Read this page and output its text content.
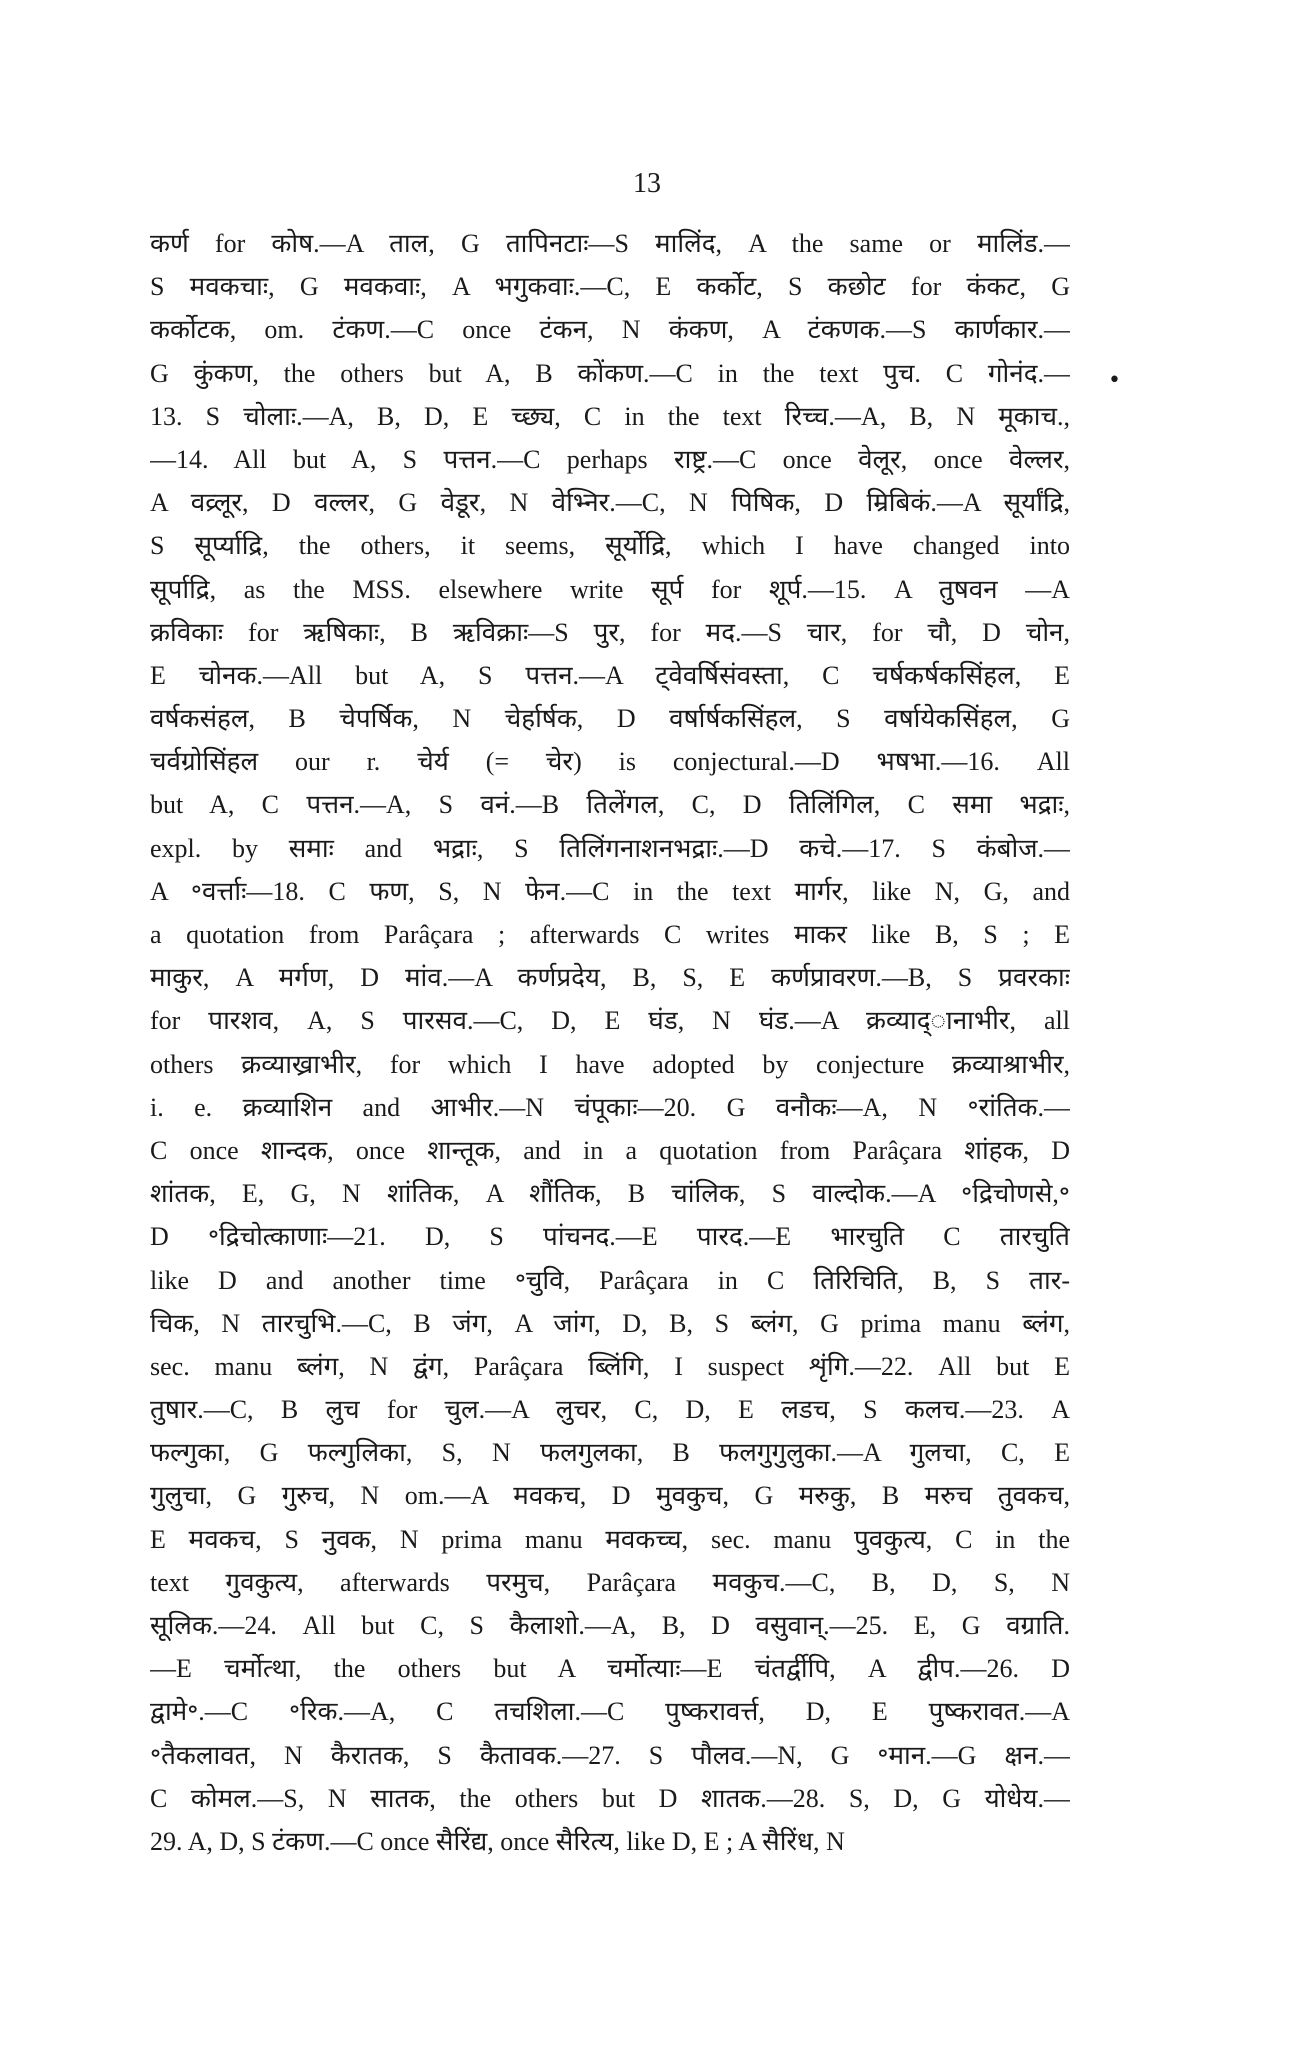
13
•
कर्ण for कोष.—A ताल, G तापिनटाः—S मालिंद, A the same or मालिंड.—
S मवकचाः, G मवकवाः, A भगुकवाः.—C, E कर्कोट, S कछोट for कंकट, G
कर्कोटक, om. टंकण.—C once टंकन, N कंकण, A टंकणक.—S कार्णकार.—
G कुंकण, the others but A, B कोंकण.—C in the text पुच. C गोनंद.—
13. S चोलाः.—A, B, D, E च्छ्य, C in the text रिच्च.—A, B, N मूकाच.,
—14. All but A, S पत्तन.—C perhaps राष्ट्र.—C once वेलूर, once वेल्लर,
A वव्र्लूर, D वल्लर, G वेडूर, N वेभ्निर.—C, N पिषिक, D म्रिबिकं.—A सूर्यांद्रि,
S सूर्प्याद्रि, the others, it seems, सूर्योद्रि, which I have changed into
सूर्पाद्रि, as the MSS. elsewhere write सूर्प for शूर्प.—15. A तुषवन —A
क्रविकाः for ऋषिकाः, B ऋविक्राः—S पुर, for मद.—S चार, for चौ, D चोन,
E चोनक.—All but A, S पत्तन.—A ट्वेवर्षिसंवस्ता, C चर्षकर्षकसिंहल, E
वर्षकसंहल, B चेपर्षिक, N चेर्हार्षक, D वर्षार्षकसिंहल, S वर्षायेकसिंहल, G
चर्वग्रोसिंहल our r. चेर्य (= चेर) is conjectural.—D भषभा.—16. All
but A, C पत्तन.—A, S वनं.—B तिलेंगल, C, D तिलिंगिल, C समा भद्राः,
expl. by समाः and भद्राः, S तिलिंगनाशनभद्राः.—D कचे.—17. S कंबोज.—
A ॰वर्त्ताः—18. C फण, S, N फेन.—C in the text मार्गर, like N, G, and
a quotation from Parâçara ; afterwards C writes माकर like B, S ; E
माकुर, A मर्गण, D मांव.—A कर्णप्रदेय, B, S, E कर्णप्रावरण.—B, S प्रवरकाः
for पारशव, A, S पारसव.—C, D, E घंड, N घंड.—A क्रव्याद्ानाभीर, all
others क्रव्याख्राभीर, for which I have adopted by conjecture क्रव्याश्राभीर,
i. e. क्रव्याशिन and आभीर.—N चंपूकाः—20. G वनौकः—A, N ॰रांतिक.—
C once शान्दक, once शान्तूक, and in a quotation from Parâçara शांहक, D
शांतक, E, G, N शांतिक, A शौंतिक, B चांलिक, S वाल्दोक.—A ॰द्रिचोणसे,॰
D ॰द्रिचोत्काणाः—21. D, S पांचनद.—E पारद.—E भारचुति C तारचुति
like D and another time ॰चुवि, Parâçara in C तिरिचिति, B, S तार-
चिक, N तारचुभि.—C, B जंग, A जांग, D, B, S ब्लंग, G prima manu ब्लंग,
sec. manu ब्लंग, N द्वंग, Parâçara ब्लिंगि, I suspect शृंगि.—22. All but E
तुषार.—C, B लुच for चुल.—A लुचर, C, D, E लडच, S कलच.—23. A
फल्गुका, G फल्गुलिका, S, N फलगुलका, B फलगुगुलुका.—A गुलचा, C, E
गुलुचा, G गुरुच, N om.—A मवकच, D मुवकुच, G मरुकु, B मरुच तुवकच,
E मवकच, S नुवक, N prima manu मवकच्च, sec. manu पुवकुत्य, C in the
text गुवकुत्य, afterwards परमुच, Parâçara मवकुच.—C, B, D, S, N
सूलिक.—24. All but C, S कैलाशो.—A, B, D वसुवान्.—25. E, G वग्राति.
—E चर्मोत्था, the others but A चर्मोत्याः—E चंतर्द्वीपि, A द्वीप.—26. D
द्वामे॰.—C ॰रिक.—A, C तचशिला.—C पुष्करावर्त्त, D, E पुष्करावत.—A
॰तैकलावत, N कैरातक, S कैतावक.—27. S पौलव.—N, G ॰मान.—G क्षन.—
C कोमल.—S, N सातक, the others but D शातक.—28. S, D, G योधेय.—
29. A, D, S टंकण.—C once सैरिंद्य, once सैरित्य, like D, E ; A सैरिंध, N
